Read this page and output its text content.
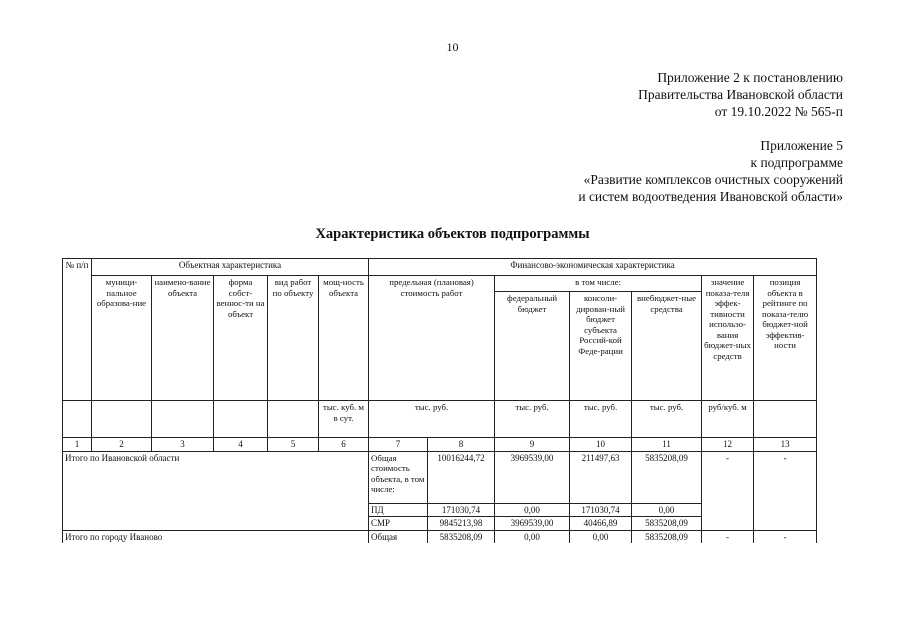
10
Приложение 2 к постановлению
Правительства Ивановской области
от 19.10.2022 № 565-п
Приложение 5
к подпрограмме
«Развитие комплексов очистных сооружений
и систем водоотведения Ивановской области»
Характеристика объектов подпрограммы
№ п/п	Объектная характеристика					Финансово-экономическая характеристика						
	муници-пальное образова-ние	наимено-вание объекта	форма собст-венноc-ти на объект	вид работ по объекту	мощ-ность объекта	предельная (плановая) стоимость работ		в том числе:			значение показа-теля эффек-тивности использо-вания бюджет-ных средств	позиция объекта в рейтинге по показа-телю бюджет-ной эффектив-ности
								федеральный бюджет	консоли-дирован-ный бюджет субъекта Россий-кой Феде-рации	внебюджет-ные средства		
					тыс. куб. м в сут.	тыс. руб.		тыс. руб.	тыс. руб.	тыс. руб.	руб/куб. м	
1	2	3	4	5	6	7	8	9	10	11	12	13
Итого по Ивановской области						Общая стоимость объекта, в том числе:	10016244,72	3969539,00	211497,63	5835208,09	-	-
						ПД	171030,74	0,00	171030,74	0,00		
						СМР	9845213,98	3969539,00	40466,89	5835208,09		
Итого по городу Иваново						Общая	5835208,09	0,00	0,00	5835208,09	-	-
